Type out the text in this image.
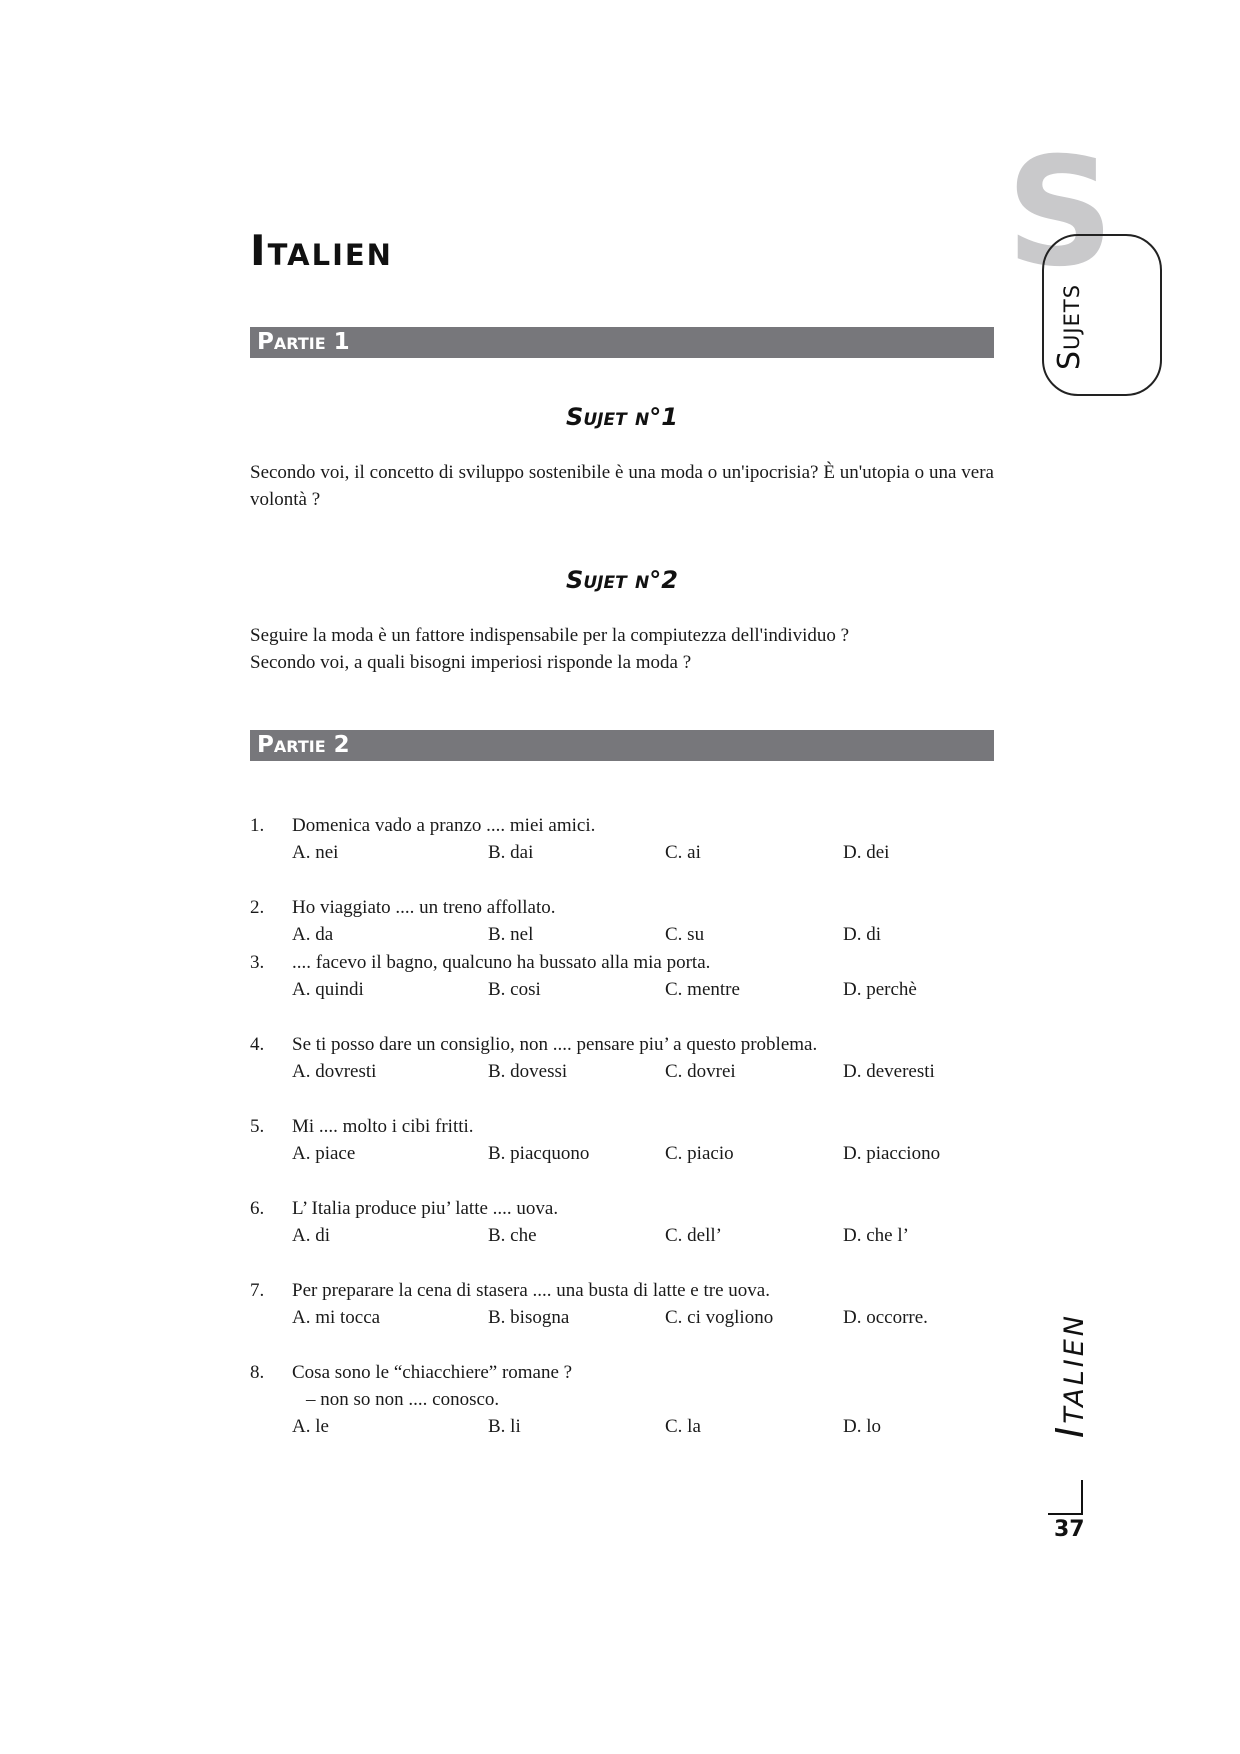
Italien	S
Sujets
Partie 1
Sujet n°1
Secondo voi, il concetto di sviluppo sostenibile è una moda o un'ipocrisia? È un'utopia o una vera volontà ?
Sujet n°2
Seguire la moda è un fattore indispensabile per la compiutezza dell'individuo ?
Secondo voi, a quali bisogni imperiosi risponde la moda ?
Partie 2
1. Domenica vado a pranzo .... miei amici.
A. nei	B. dai	C. ai	D. dei
2. Ho viaggiato .... un treno affollato.
A. da	B. nel	C. su	D. di
3. .... facevo il bagno, qualcuno ha bussato alla mia porta.
A. quindi	B. cosi	C. mentre	D. perchè
4. Se ti posso dare un consiglio, non .... pensare piu’ a questo problema.
A. dovresti	B. dovessi	C. dovrei	D. deveresti
5. Mi .... molto i cibi fritti.
A. piace	B. piacquono	C. piacio	D. piacciono
6. L’ Italia produce piu’ latte .... uova.
A. di	B. che	C. dell’	D. che l’
7. Per preparare la cena di stasera .... una busta di latte e tre uova.
A. mi tocca	B. bisogna	C. ci vogliono	D. occorre.
8. Cosa sono le “chiacchiere” romane ?
– non so non .... conosco.
A. le	B. li	C. la	D. lo	Italien
37
